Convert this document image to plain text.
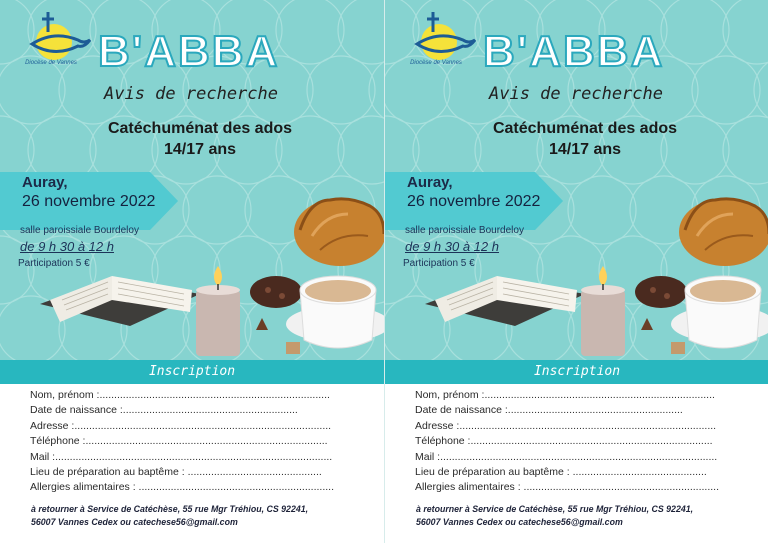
Diocèse de Vannes B'ABBA
Avis de recherche
Catéchuménat des ados
14/17 ans
Auray,
26 novembre 2022
salle paroissiale Bourdeloy
de 9 h 30 à 12 h
Participation 5 €
Inscription
Nom, prénom :...............................................................................
Date de naissance :............................................................
Adresse :........................................................................................
Téléphone :...................................................................................
Mail :...............................................................................................
Lieu de préparation au baptême : ..............................................
Allergies alimentaires : ...................................................................
à retourner à Service de Catéchèse, 55 rue Mgr Tréhiou, CS 92241,
56007 Vannes Cedex ou catechese56@gmail.com
Diocèse de Vannes B'ABBA
Avis de recherche
Catéchuménat des ados
14/17 ans
Auray,
26 novembre 2022
salle paroissiale Bourdeloy
de 9 h 30 à 12 h
Participation 5 €
Inscription
Nom, prénom :...............................................................................
Date de naissance :............................................................
Adresse :........................................................................................
Téléphone :...................................................................................
Mail :...............................................................................................
Lieu de préparation au baptême : ..............................................
Allergies alimentaires : ...................................................................
à retourner à Service de Catéchèse, 55 rue Mgr Tréhiou, CS 92241,
56007 Vannes Cedex ou catechese56@gmail.com
